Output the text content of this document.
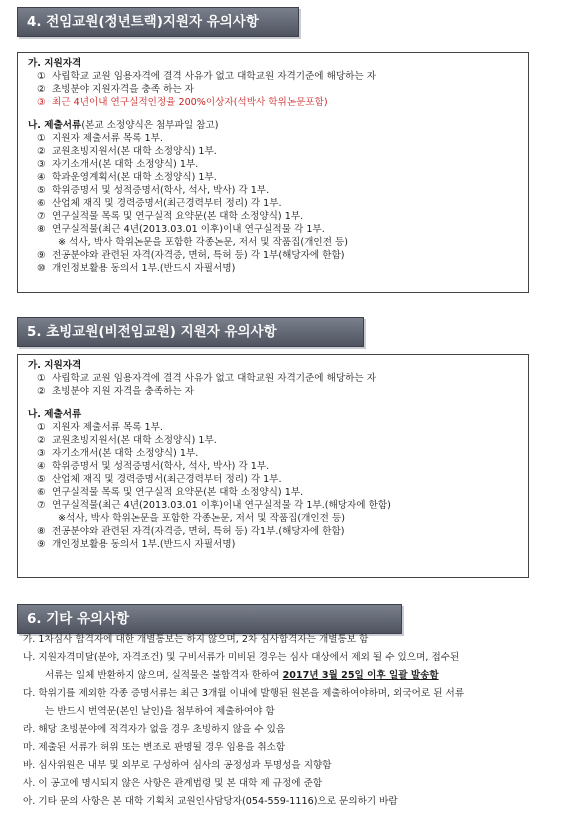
4. 전임교원(정년트랙)지원자 유의사항
가. 지원자격
① 사립학교 교원 임용자격에 결격 사유가 없고 대학교원 자격기준에 해당하는 자
② 초빙분야 지원자격을 충족 하는 자
③ 최근 4년이내 연구실적인정율 200%이상자(석박사 학위논문포함)
나. 제출서류(본교 소정양식은 첨부파일 참고)
① 지원자 제출서류 목록 1부.
② 교원초빙지원서(본 대학 소정양식) 1부.
③ 자기소개서(본 대학 소정양식) 1부.
④ 학과운영계획서(본 대학 소정양식) 1부.
⑤ 학위증명서 및 성적증명서(학사, 석사, 박사) 각 1부.
⑥ 산업체 재직 및 경력증명서(최근경력부터 정리) 각 1부.
⑦ 연구실적물 목록 및 연구실적 요약문(본 대학 소정양식) 1부.
⑧ 연구실적물(최근 4년(2013.03.01 이후)이내 연구실적물 각 1부.
※ 석사, 박사 학위논문을 포함한 각종논문, 저서 및 작품집(개인전 등)
⑨ 전공분야와 관련된 자격(자격증, 면허, 특허 등) 각 1부(해당자에 한함)
⑩ 개인정보활용 동의서 1부.(반드시 자필서명)
5. 초빙교원(비전임교원) 지원자 유의사항
가. 지원자격
① 사립학교 교원 임용자격에 결격 사유가 없고 대학교원 자격기준에 해당하는 자
② 초빙분야 지원 자격을 충족하는 자
나. 제출서류
① 지원자 제출서류 목록 1부.
② 교원초빙지원서(본 대학 소정양식) 1부.
③ 자기소개서(본 대학 소정양식) 1부.
④ 학위증명서 및 성적증명서(학사, 석사, 박사) 각 1부.
⑤ 산업체 재직 및 경력증명서(최근경력부터 정리) 각 1부.
⑥ 연구실적물 목록 및 연구실적 요약문(본 대학 소정양식) 1부.
⑦ 연구실적물(최근 4년(2013.03.01 이후)이내 연구실적물 각 1부.(해당자에 한함)
※석사, 박사 학위논문을 포함한 각종논문, 저서 및 작품집(개인전 등)
⑧ 전공분야와 관련된 자격(자격증, 면허, 특허 등) 각1부.(해당자에 한함)
⑨ 개인정보활용 동의서 1부.(반드시 자필서명)
6. 기타 유의사항
가. 1차심사 합격자에 대한 개별통보는 하지 않으며, 2차 심사합격자는 개별통보 함
나. 지원자격미달(분야, 자격조건) 및 구비서류가 미비된 경우는 심사 대상에서 제외 될 수 있으며, 접수된
서류는 일체 반환하지 않으며, 실적물은 불합격자 한하여 2017년 3월 25일 이후 일괄 발송함
다. 학위기를 제외한 각종 증명서류는 최근 3개월 이내에 발행된 원본을 제출하여야하며, 외국어로 된 서류
는 반드시 번역문(본인 날인)을 첨부하여 제출하여야 함
라. 해당 초빙분야에 적격자가 없을 경우 초빙하지 않을 수 있음
마. 제출된 서류가 허위 또는 변조로 판명될 경우 임용을 취소함
바. 심사위원은 내부 및 외부로 구성하여 심사의 공정성과 투명성을 지향함
사. 이 공고에 명시되지 않은 사항은 관계법령 및 본 대학 제 규정에 준함
아. 기타 문의 사항은 본 대학 기획처 교원인사담당자(054-559-1116)으로 문의하기 바람
